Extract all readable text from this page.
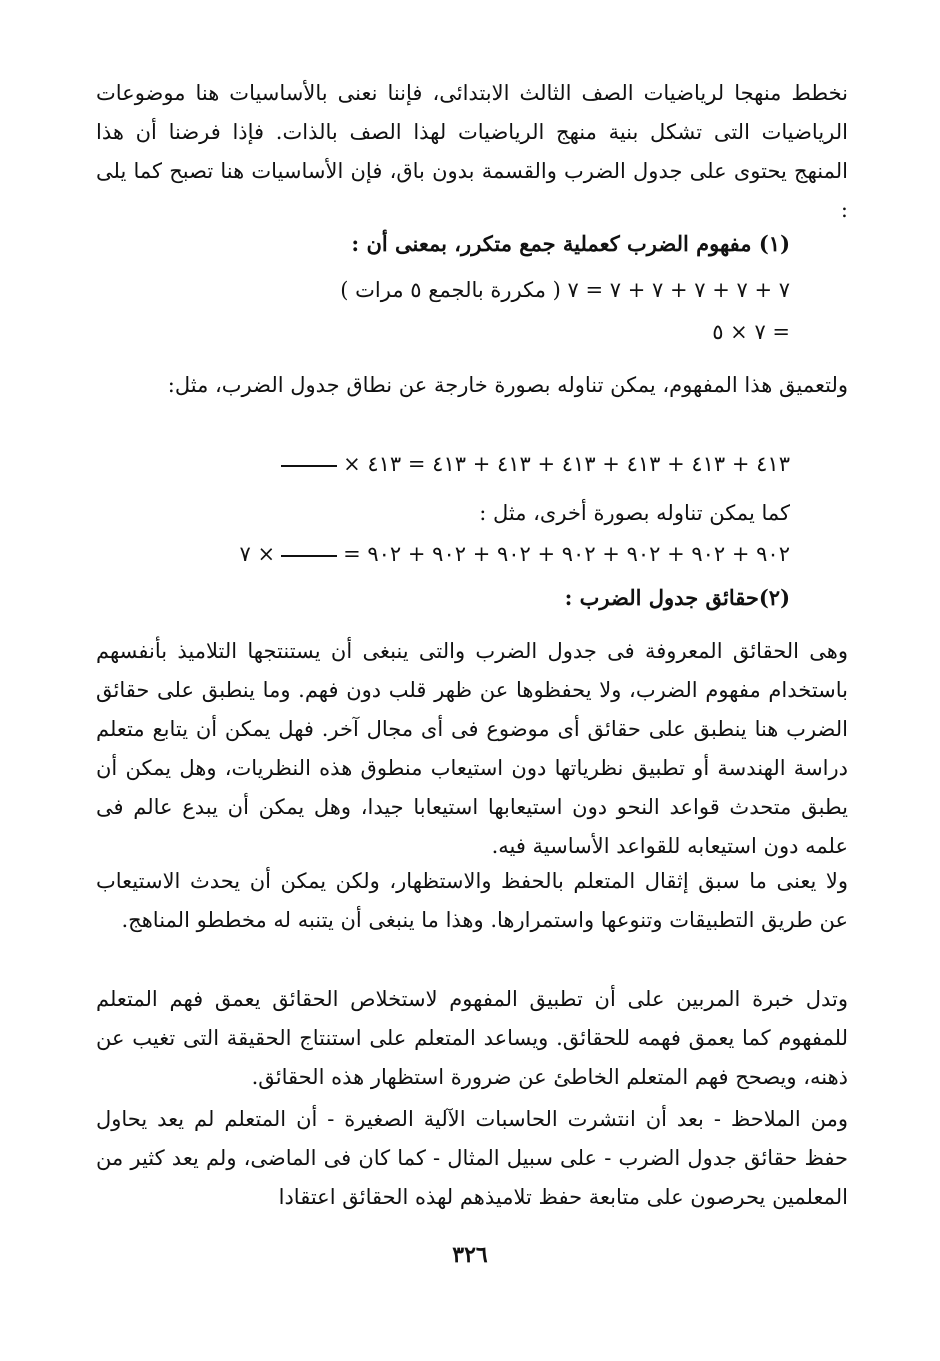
نخطط منهجا لرياضيات الصف الثالث الابتدائى، فإننا نعنى بالأساسيات هنا موضوعات الرياضيات التى تشكل بنية منهج الرياضيات لهذا الصف بالذات. فإذا فرضنا أن هذا المنهج يحتوى على جدول الضرب والقسمة بدون باق، فإن الأساسيات هنا تصبح كما يلى :

(١) مفهوم الضرب كعملية جمع متكرر، بمعنى أن :

٧ + ٧ + ٧ + ٧ + ٧ = ٧ ( مكررة بالجمع ٥ مرات )

= ٧ × ٥

ولتعميق هذا المفهوم، يمكن تناوله بصورة خارجة عن نطاق جدول الضرب، مثل:

٤١٣ + ٤١٣ + ٤١٣ + ٤١٣ + ٤١٣ + ٤١٣ = ٤١٣ ×

كما يمكن تناوله بصورة أخرى، مثل :

٩٠٢ + ٩٠٢ + ٩٠٢ + ٩٠٢ + ٩٠٢ + ٩٠٢ + ٩٠٢ =× ٧

(٢)حقائق جدول الضرب :

وهى الحقائق المعروفة فى جدول الضرب والتى ينبغى أن يستنتجها التلاميذ بأنفسهم باستخدام مفهوم الضرب، ولا يحفظوها عن ظهر قلب دون فهم. وما ينطبق على حقائق الضرب هنا ينطبق على حقائق أى موضوع فى أى مجال آخر. فهل يمكن أن يتابع متعلم دراسة الهندسة أو تطبيق نظرياتها دون استيعاب منطوق هذه النظريات، وهل يمكن أن يطبق متحدث قواعد النحو دون استيعابها استيعابا جيدا، وهل يمكن أن يبدع عالم فى علمه دون استيعابه للقواعد الأساسية فيه.

ولا يعنى ما سبق إثقال المتعلم بالحفظ والاستظهار، ولكن يمكن أن يحدث الاستيعاب عن طريق التطبيقات وتنوعها واستمرارها. وهذا ما ينبغى أن يتنبه له مخططو المناهج.

وتدل خبرة المربين على أن تطبيق المفهوم لاستخلاص الحقائق يعمق فهم المتعلم للمفهوم كما يعمق فهمه للحقائق. ويساعد المتعلم على استنتاج الحقيقة التى تغيب عن ذهنه، ويصحح فهم المتعلم الخاطئ عن ضرورة استظهار هذه الحقائق.

ومن الملاحظ - بعد أن انتشرت الحاسبات الآلية الصغيرة - أن المتعلم لم يعد يحاول حفظ حقائق جدول الضرب - على سبيل المثال - كما كان فى الماضى، ولم يعد كثير من المعلمين يحرصون على متابعة حفظ تلاميذهم لهذه الحقائق اعتقادا

٣٢٦
